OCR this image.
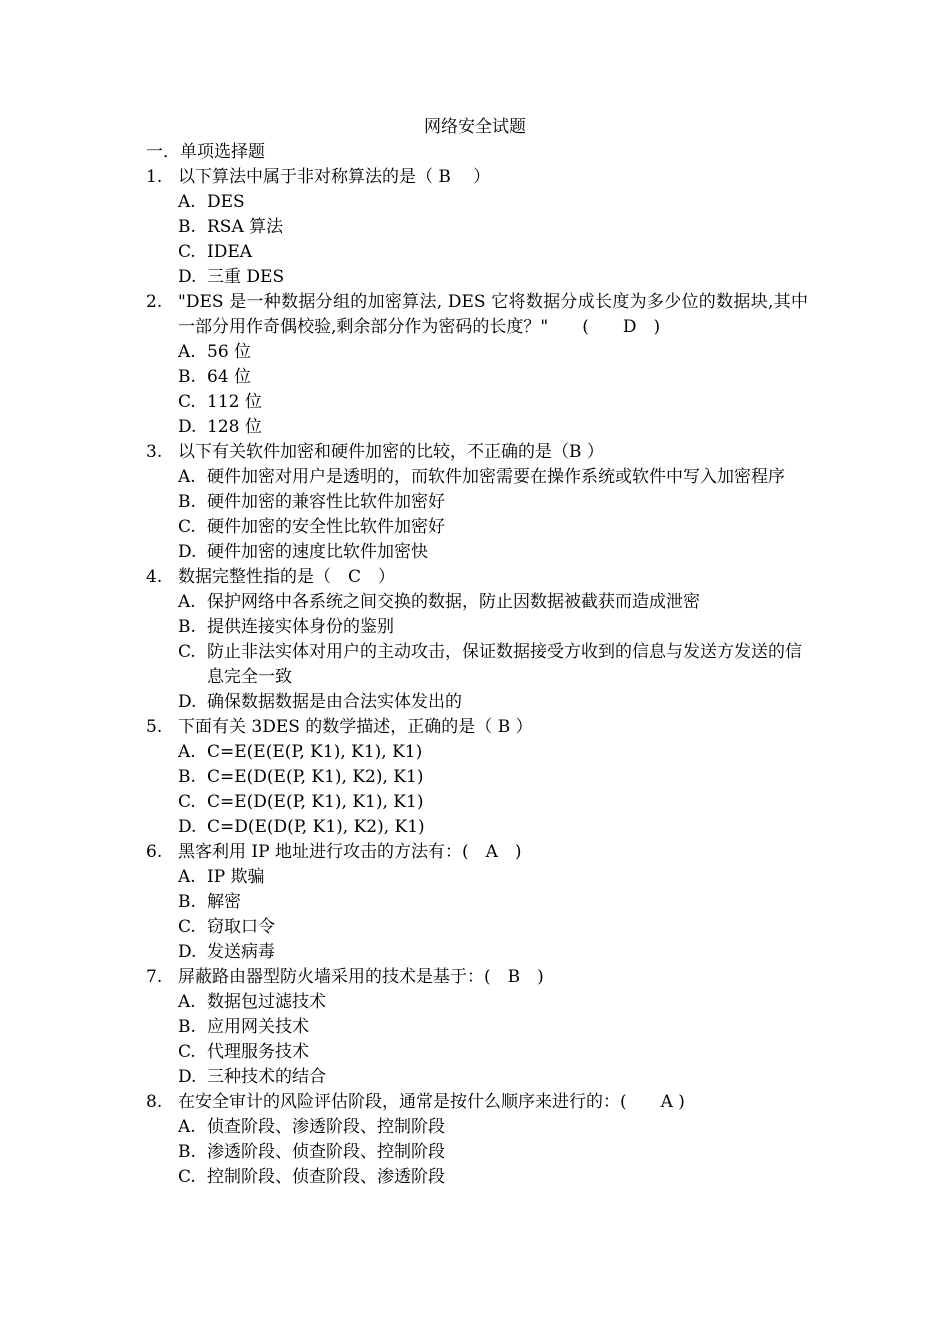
网络安全试题
一．单项选择题
1. 以下算法中属于非对称算法的是（ B　 ）
A. DES
B. RSA 算法
C. IDEA
D. 三重 DES
2. "DES 是一种数据分组的加密算法, DES 它将数据分成长度为多少位的数据块,其中一部分用作奇偶校验,剩余部分作为密码的长度？"　　(　　D　)
A. 56 位
B. 64 位
C. 112 位
D. 128 位
3. 以下有关软件加密和硬件加密的比较，不正确的是（B ）
A. 硬件加密对用户是透明的，而软件加密需要在操作系统或软件中写入加密程序
B. 硬件加密的兼容性比软件加密好
C. 硬件加密的安全性比软件加密好
D. 硬件加密的速度比软件加密快
4. 数据完整性指的是（　C　）
A. 保护网络中各系统之间交换的数据，防止因数据被截获而造成泄密
B. 提供连接实体身份的鉴别
C. 防止非法实体对用户的主动攻击，保证数据接受方收到的信息与发送方发送的信息完全一致
D. 确保数据数据是由合法实体发出的
5. 下面有关 3DES 的数学描述，正确的是（ B ）
A. C=E(E(E(P, K1), K1), K1)
B. C=E(D(E(P, K1), K2), K1)
C. C=E(D(E(P, K1), K1), K1)
D. C=D(E(D(P, K1), K2), K1)
6. 黑客利用 IP 地址进行攻击的方法有：(　A　)
A. IP 欺骗
B. 解密
C. 窃取口令
D. 发送病毒
7. 屏蔽路由器型防火墙采用的技术是基于：(　B　)
A. 数据包过滤技术
B. 应用网关技术
C. 代理服务技术
D. 三种技术的结合
8. 在安全审计的风险评估阶段，通常是按什么顺序来进行的：(　　A )
A. 侦查阶段、渗透阶段、控制阶段
B. 渗透阶段、侦查阶段、控制阶段
C. 控制阶段、侦查阶段、渗透阶段
